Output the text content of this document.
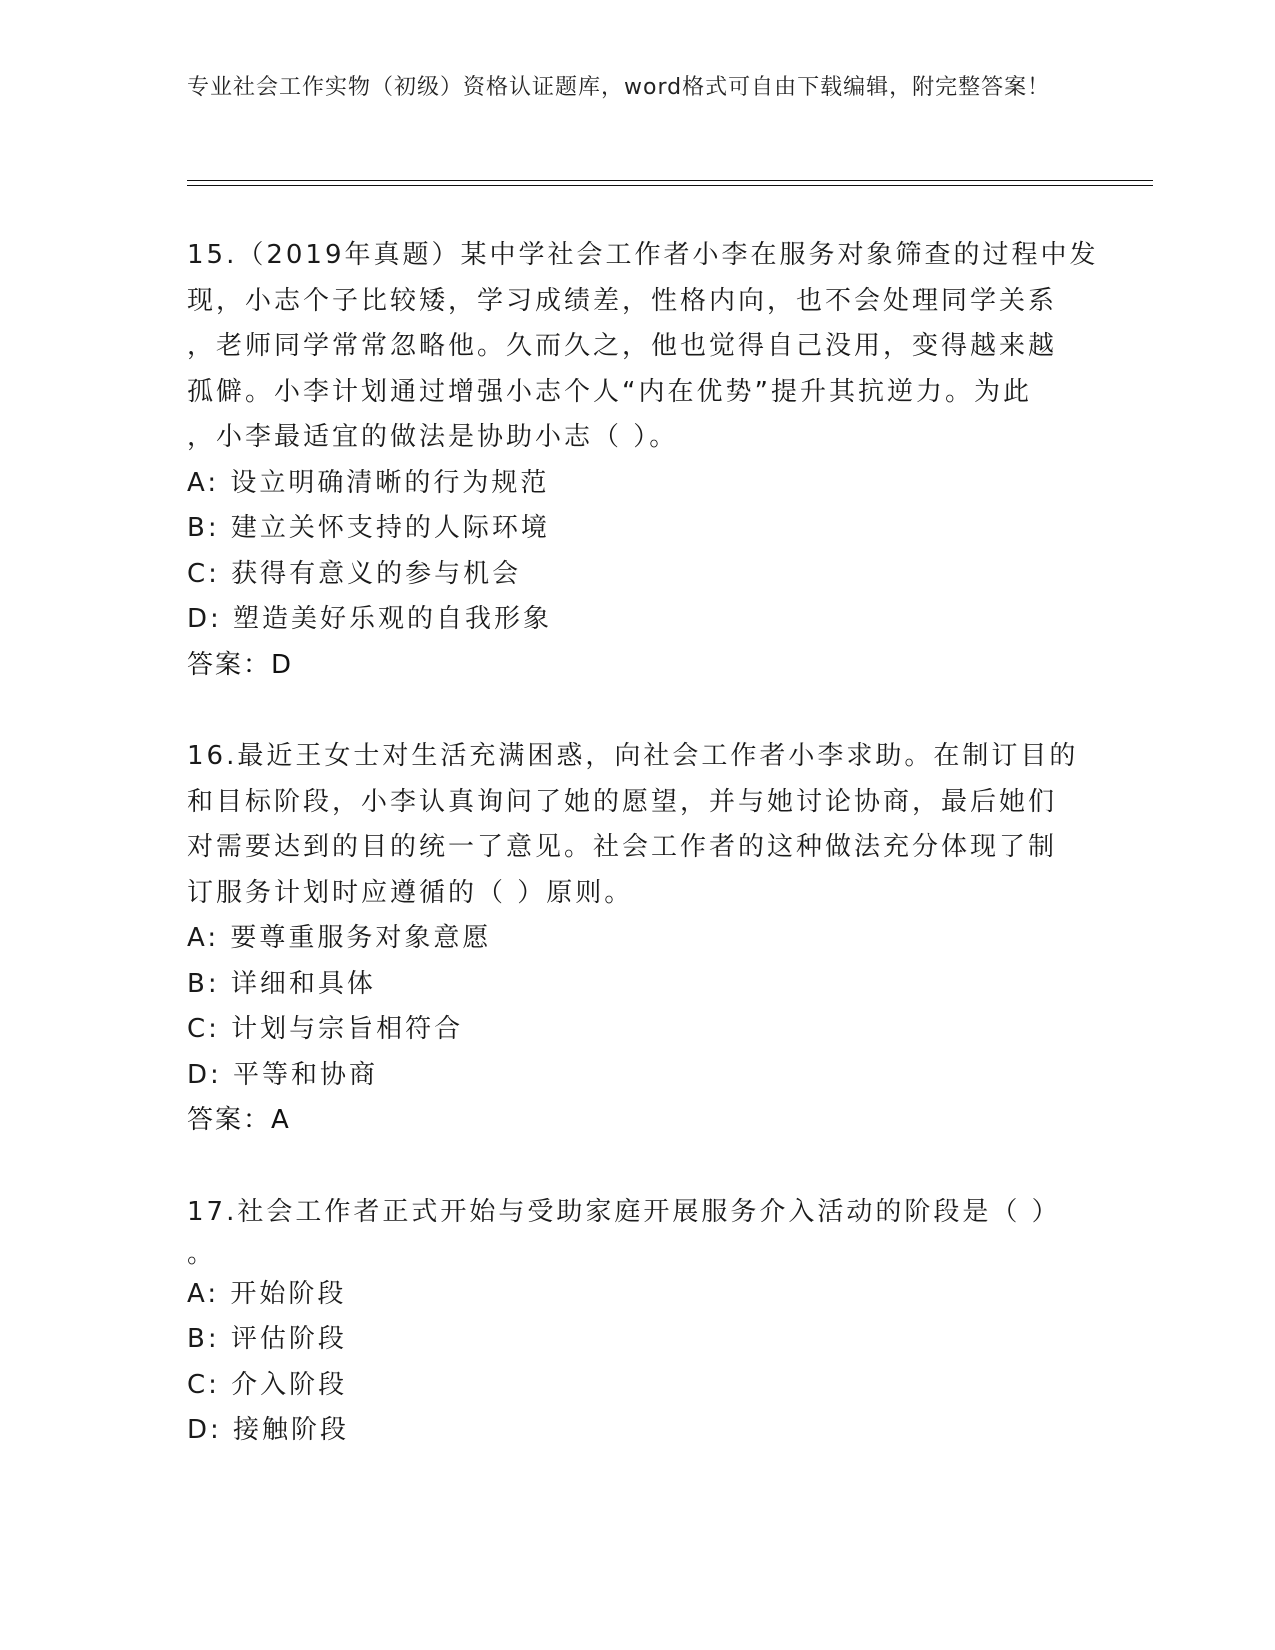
专业社会工作实物（初级）资格认证题库，word格式可自由下载编辑，附完整答案！

15.（2019年真题）某中学社会工作者小李在服务对象筛查的过程中发
现，小志个子比较矮，学习成绩差，性格内向，也不会处理同学关系
，老师同学常常忽略他。久而久之，他也觉得自己没用，变得越来越
孤僻。小李计划通过增强小志个人“内在优势”提升其抗逆力。为此
，小李最适宜的做法是协助小志（ ）。

A: 设立明确清晰的行为规范
B: 建立关怀支持的人际环境
C: 获得有意义的参与机会
D: 塑造美好乐观的自我形象
答案：D

16.最近王女士对生活充满困惑，向社会工作者小李求助。在制订目的
和目标阶段，小李认真询问了她的愿望，并与她讨论协商，最后她们
对需要达到的目的统一了意见。社会工作者的这种做法充分体现了制
订服务计划时应遵循的（ ）原则。

A: 要尊重服务对象意愿
B: 详细和具体
C: 计划与宗旨相符合
D: 平等和协商
答案：A

17.社会工作者正式开始与受助家庭开展服务介入活动的阶段是（ ）
。

A: 开始阶段
B: 评估阶段
C: 介入阶段
D: 接触阶段
